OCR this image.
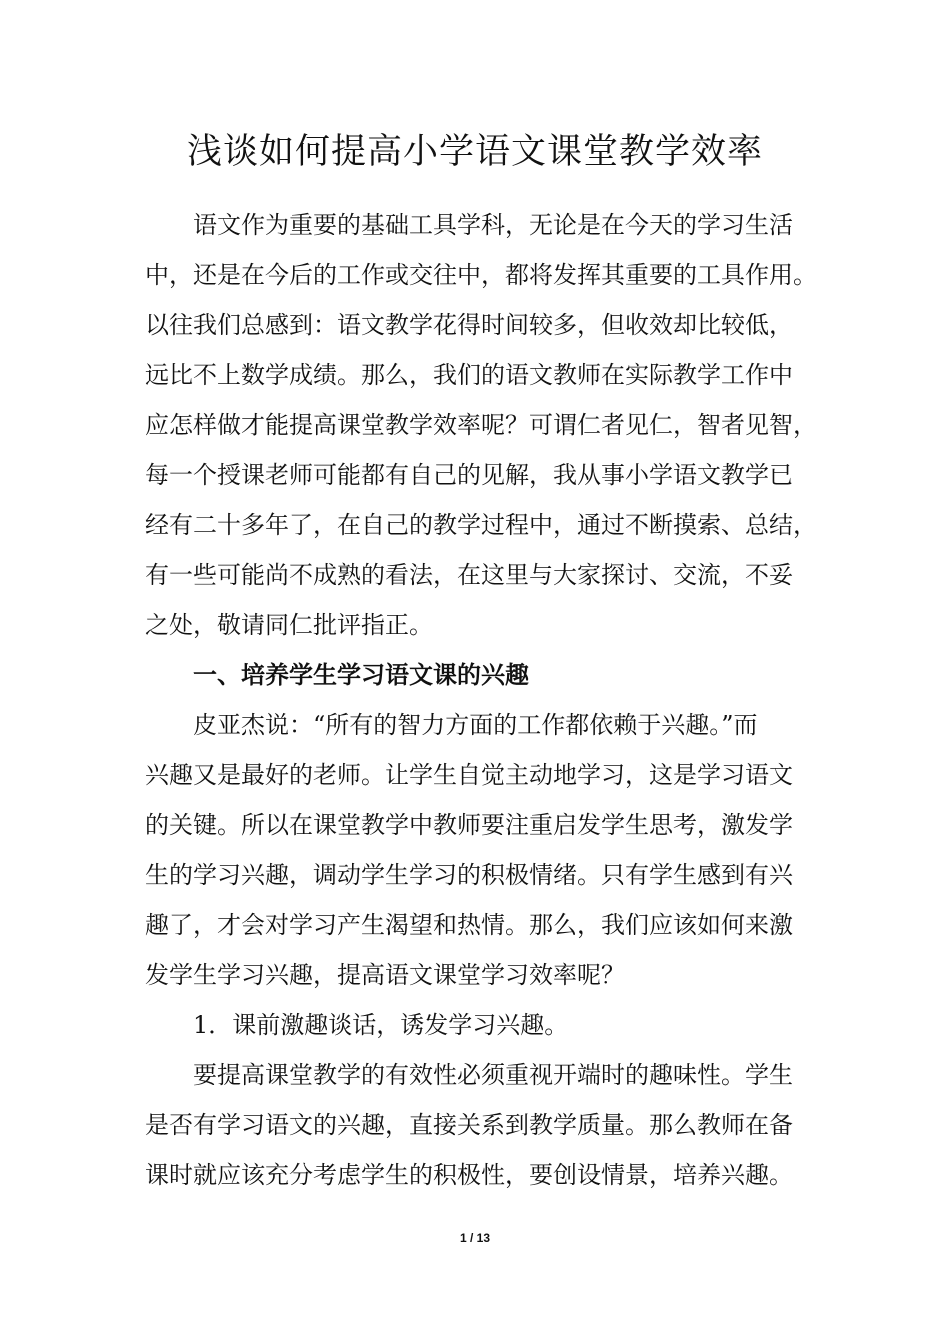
浅谈如何提高小学语文课堂教学效率

语文作为重要的基础工具学科，无论是在今天的学习生活

中，还是在今后的工作或交往中，都将发挥其重要的工具作用。

以往我们总感到：语文教学花得时间较多，但收效却比较低，

远比不上数学成绩。那么，我们的语文教师在实际教学工作中

应怎样做才能提高课堂教学效率呢？可谓仁者见仁，智者见智，

每一个授课老师可能都有自己的见解，我从事小学语文教学已

经有二十多年了，在自己的教学过程中，通过不断摸索、总结，

有一些可能尚不成熟的看法，在这里与大家探讨、交流，不妥

之处，敬请同仁批评指正。

一、培养学生学习语文课的兴趣

皮亚杰说：“所有的智力方面的工作都依赖于兴趣。”而

兴趣又是最好的老师。让学生自觉主动地学习，这是学习语文

的关键。所以在课堂教学中教师要注重启发学生思考，激发学

生的学习兴趣，调动学生学习的积极情绪。只有学生感到有兴

趣了，才会对学习产生渴望和热情。那么，我们应该如何来激

发学生学习兴趣，提高语文课堂学习效率呢？

1．课前激趣谈话，诱发学习兴趣。

要提高课堂教学的有效性必须重视开端时的趣味性。学生

是否有学习语文的兴趣，直接关系到教学质量。那么教师在备

课时就应该充分考虑学生的积极性，要创设情景，培养兴趣。

1 / 13
